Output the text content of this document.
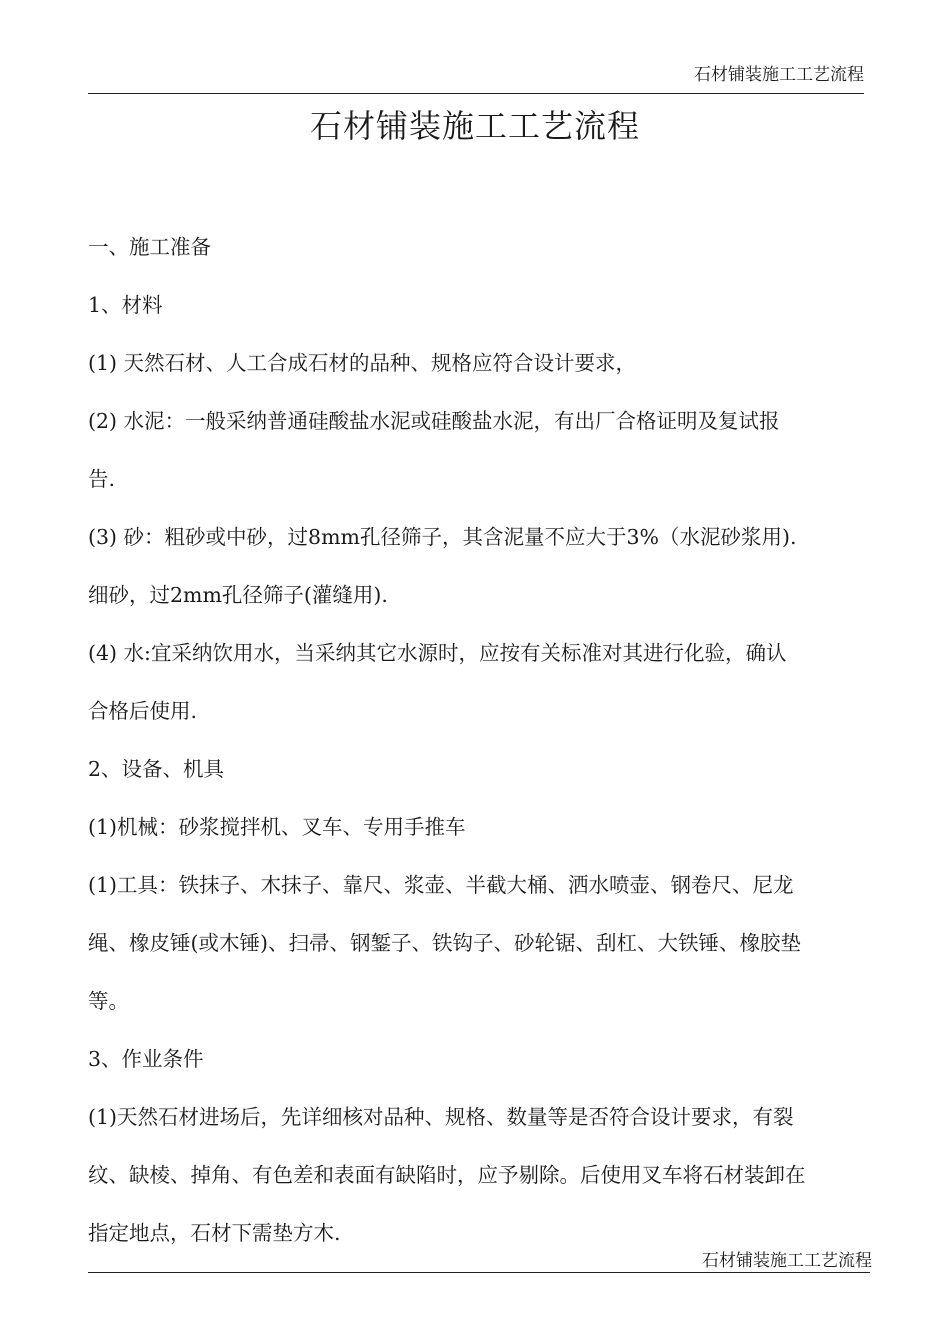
石材铺装施工工艺流程
石材铺装施工工艺流程
一、施工准备
1、材料
(1) 天然石材、人工合成石材的品种、规格应符合设计要求，
(2) 水泥：一般采纳普通硅酸盐水泥或硅酸盐水泥，有出厂合格证明及复试报
告.
(3) 砂：粗砂或中砂，过8mm孔径筛子，其含泥量不应大于3%（水泥砂浆用).
细砂，过2mm孔径筛子(灌缝用).
(4) 水:宜采纳饮用水，当采纳其它水源时，应按有关标准对其进行化验，确认
合格后使用.
2、设备、机具
(1)机械：砂浆搅拌机、叉车、专用手推车
(1)工具：铁抹子、木抹子、靠尺、浆壶、半截大桶、洒水喷壶、钢卷尺、尼龙
绳、橡皮锤(或木锤)、扫帚、钢錾子、铁钩子、砂轮锯、刮杠、大铁锤、橡胶垫
等。
3、作业条件
(1)天然石材进场后，先详细核对品种、规格、数量等是否符合设计要求，有裂
纹、缺棱、掉角、有色差和表面有缺陷时，应予剔除。后使用叉车将石材装卸在
指定地点，石材下需垫方木.
石材铺装施工工艺流程
